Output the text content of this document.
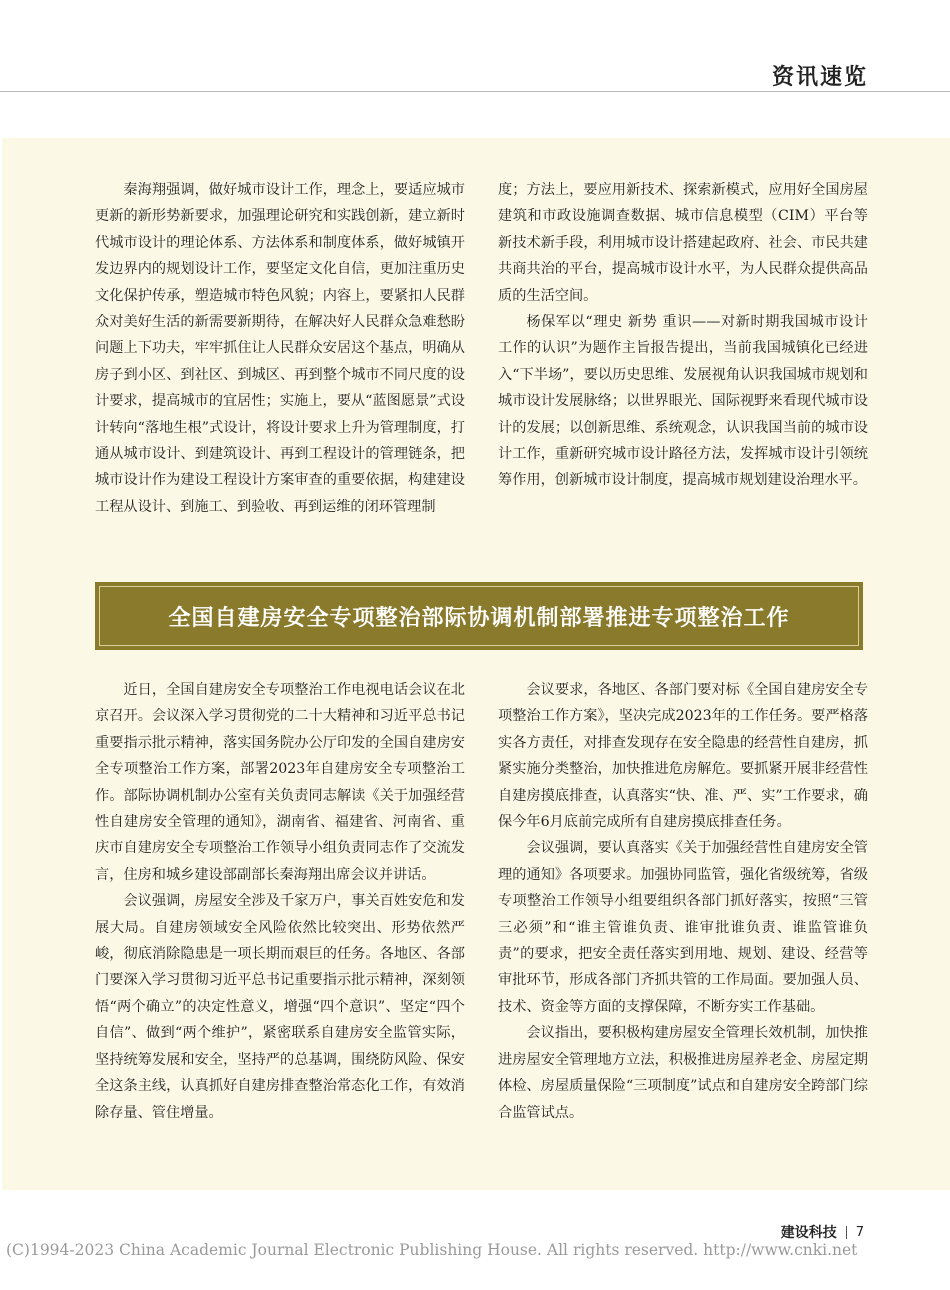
资讯速览

秦海翔强调，做好城市设计工作，理念上，要适应城市更新的新形势新要求，加强理论研究和实践创新，建立新时代城市设计的理论体系、方法体系和制度体系，做好城镇开发边界内的规划设计工作，要坚定文化自信，更加注重历史文化保护传承，塑造城市特色风貌；内容上，要紧扣人民群众对美好生活的新需要新期待，在解决好人民群众急难愁盼问题上下功夫，牢牢抓住让人民群众安居这个基点，明确从房子到小区、到社区、到城区、再到整个城市不同尺度的设计要求，提高城市的宜居性；实施上，要从“蓝图愿景”式设计转向“落地生根”式设计，将设计要求上升为管理制度，打通从城市设计、到建筑设计、再到工程设计的管理链条，把城市设计作为建设工程设计方案审查的重要依据，构建建设工程从设计、到施工、到验收、再到运维的闭环管理制

度；方法上，要应用新技术、探索新模式，应用好全国房屋建筑和市政设施调查数据、城市信息模型（CIM）平台等新技术新手段，利用城市设计搭建起政府、社会、市民共建共商共治的平台，提高城市设计水平，为人民群众提供高品质的生活空间。

杨保军以“理史 新势 重识——对新时期我国城市设计工作的认识”为题作主旨报告提出，当前我国城镇化已经进入“下半场”，要以历史思维、发展视角认识我国城市规划和城市设计发展脉络；以世界眼光、国际视野来看现代城市设计的发展；以创新思维、系统观念，认识我国当前的城市设计工作，重新研究城市设计路径方法，发挥城市设计引领统筹作用，创新城市设计制度，提高城市规划建设治理水平。

全国自建房安全专项整治部际协调机制部署推进专项整治工作

近日，全国自建房安全专项整治工作电视电话会议在北京召开。会议深入学习贯彻党的二十大精神和习近平总书记重要指示批示精神，落实国务院办公厅印发的全国自建房安全专项整治工作方案，部署2023年自建房安全专项整治工作。部际协调机制办公室有关负责同志解读《关于加强经营性自建房安全管理的通知》，湖南省、福建省、河南省、重庆市自建房安全专项整治工作领导小组负责同志作了交流发言，住房和城乡建设部副部长秦海翔出席会议并讲话。

会议强调，房屋安全涉及千家万户，事关百姓安危和发展大局。自建房领域安全风险依然比较突出、形势依然严峻，彻底消除隐患是一项长期而艰巨的任务。各地区、各部门要深入学习贯彻习近平总书记重要指示批示精神，深刻领悟“两个确立”的决定性意义，增强“四个意识”、坚定“四个自信”、做到“两个维护”，紧密联系自建房安全监管实际，坚持统筹发展和安全，坚持严的总基调，围绕防风险、保安全这条主线，认真抓好自建房排查整治常态化工作，有效消除存量、管住增量。

会议要求，各地区、各部门要对标《全国自建房安全专项整治工作方案》，坚决完成2023年的工作任务。要严格落实各方责任，对排查发现存在安全隐患的经营性自建房，抓紧实施分类整治，加快推进危房解危。要抓紧开展非经营性自建房摸底排查，认真落实“快、准、严、实”工作要求，确保今年6月底前完成所有自建房摸底排查任务。

会议强调，要认真落实《关于加强经营性自建房安全管理的通知》各项要求。加强协同监管，强化省级统筹，省级专项整治工作领导小组要组织各部门抓好落实，按照“三管三必须”和“谁主管谁负责、谁审批谁负责、谁监管谁负责”的要求，把安全责任落实到用地、规划、建设、经营等审批环节，形成各部门齐抓共管的工作局面。要加强人员、技术、资金等方面的支撑保障，不断夯实工作基础。

会议指出，要积极构建房屋安全管理长效机制，加快推进房屋安全管理地方立法，积极推进房屋养老金、房屋定期体检、房屋质量保险“三项制度”试点和自建房安全跨部门综合监管试点。

建设科技 7
(C)1994-2023 China Academic Journal Electronic Publishing House. All rights reserved. http://www.cnki.net
